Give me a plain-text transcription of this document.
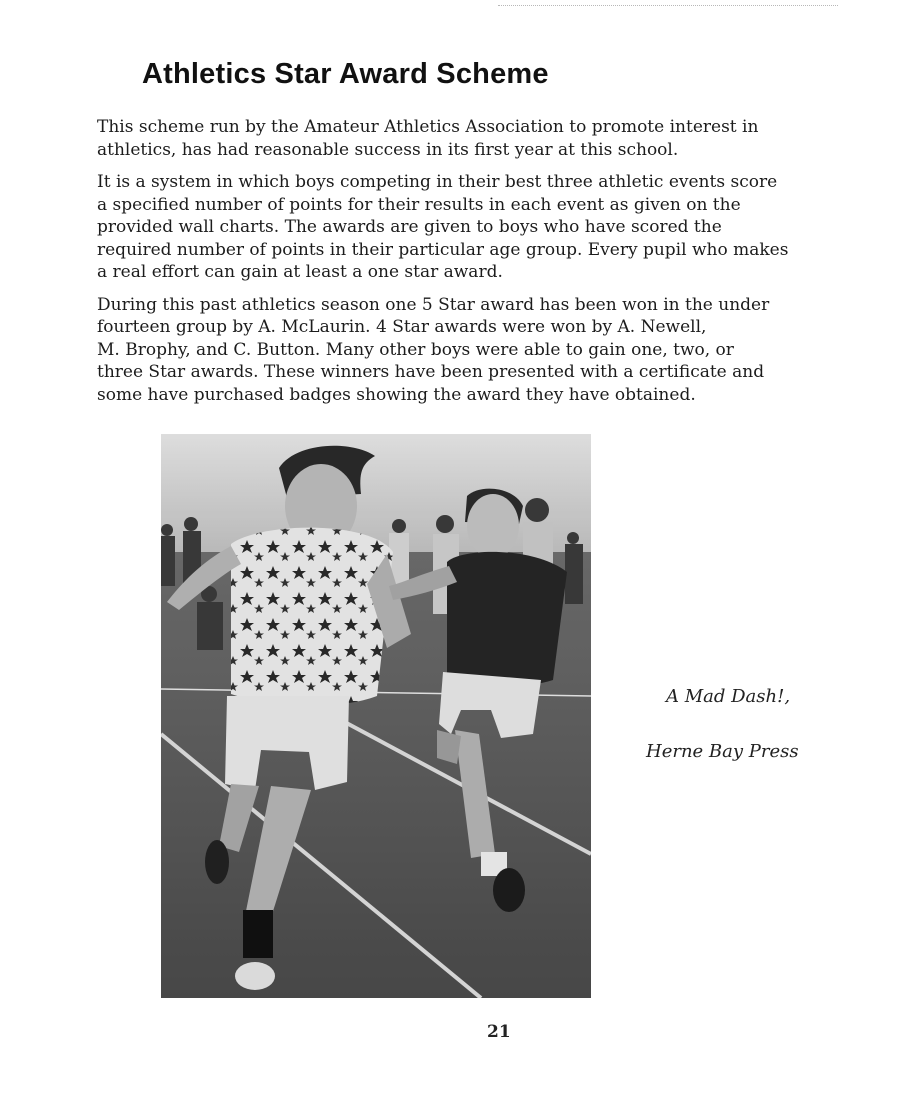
Athletics Star Award Scheme

This scheme run by the Amateur Athletics Association to promote interest in
athletics, has had reasonable success in its first year at this school.

It is a system in which boys competing in their best three athletic events score
a specified number of points for their results in each event as given on the
provided wall charts. The awards are given to boys who have scored the
required number of points in their particular age group. Every pupil who makes
a real effort can gain at least a one star award.

During this past athletics season one 5 Star award has been won in the under
fourteen group by A. McLaurin. 4 Star awards were won by A. Newell,
M. Brophy, and C. Button. Many other boys were able to gain one, two, or
three Star awards. These winners have been presented with a certificate and
some have purchased badges showing the award they have obtained.

A Mad Dash!,
Herne Bay Press
21
